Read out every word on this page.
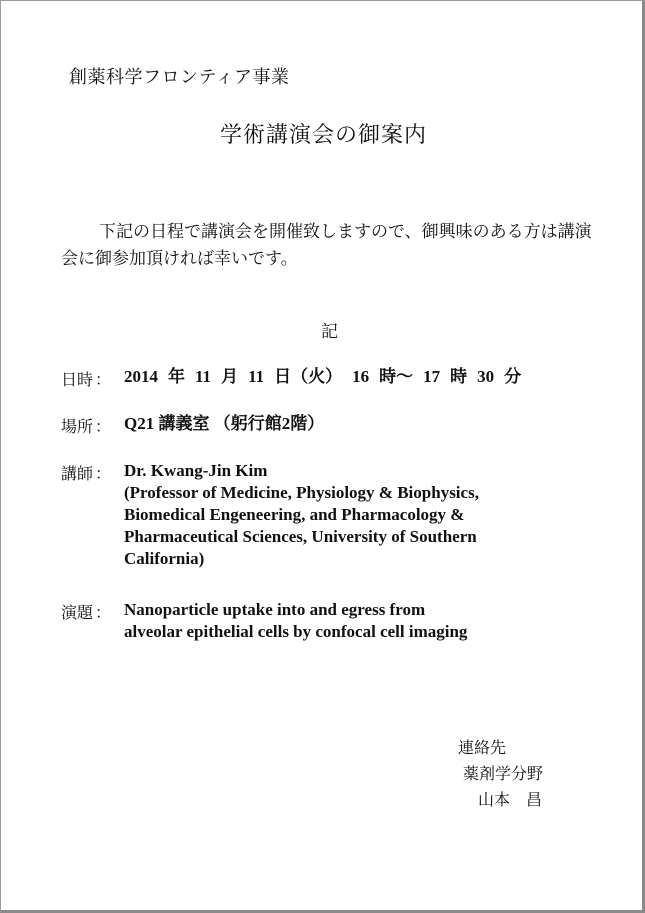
創薬科学フロンティア事業
学術講演会の御案内
下記の日程で講演会を開催致しますので、御興味のある方は講演会に御参加頂ければ幸いです。
記
日時 ： 2014 年 11 月 11 日（火） 16 時～ 17 時 30 分
場所 ： Q21 講義室 （躬行館2階）
講師 ： Dr. Kwang-Jin Kim
(Professor of Medicine, Physiology & Biophysics,
Biomedical Engeneering, and Pharmacology &
Pharmaceutical Sciences, University of Southern
California)
演題 ： Nanoparticle uptake into and egress from
alveolar epithelial cells by confocal cell imaging
連絡先
薬剤学分野
山本 昌
